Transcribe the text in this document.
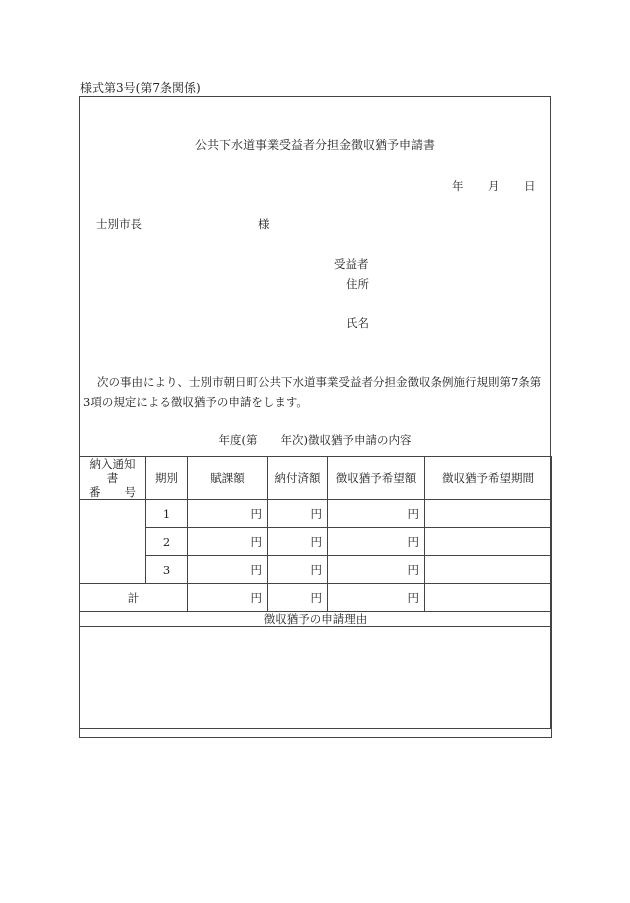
様式第3号(第7条関係)
公共下水道事業受益者分担金徴収猶予申請書
年 月 日
士別市長	様
受益者
住所
氏名
次の事由により、士別市朝日町公共下水道事業受益者分担金徴収条例施行規則第7条第
3項の規定による徴収猶予の申請をします。
年度(第　　年次)徴収猶予申請の内容
納入通知書
番 号	期別	賦課額	納付済額	徴収猶予希望額	徴収猶予希望期間
	1	円	円	円	
	2	円	円	円	
	3	円	円	円	
計		円	円	円	
徴収猶予の申請理由					
